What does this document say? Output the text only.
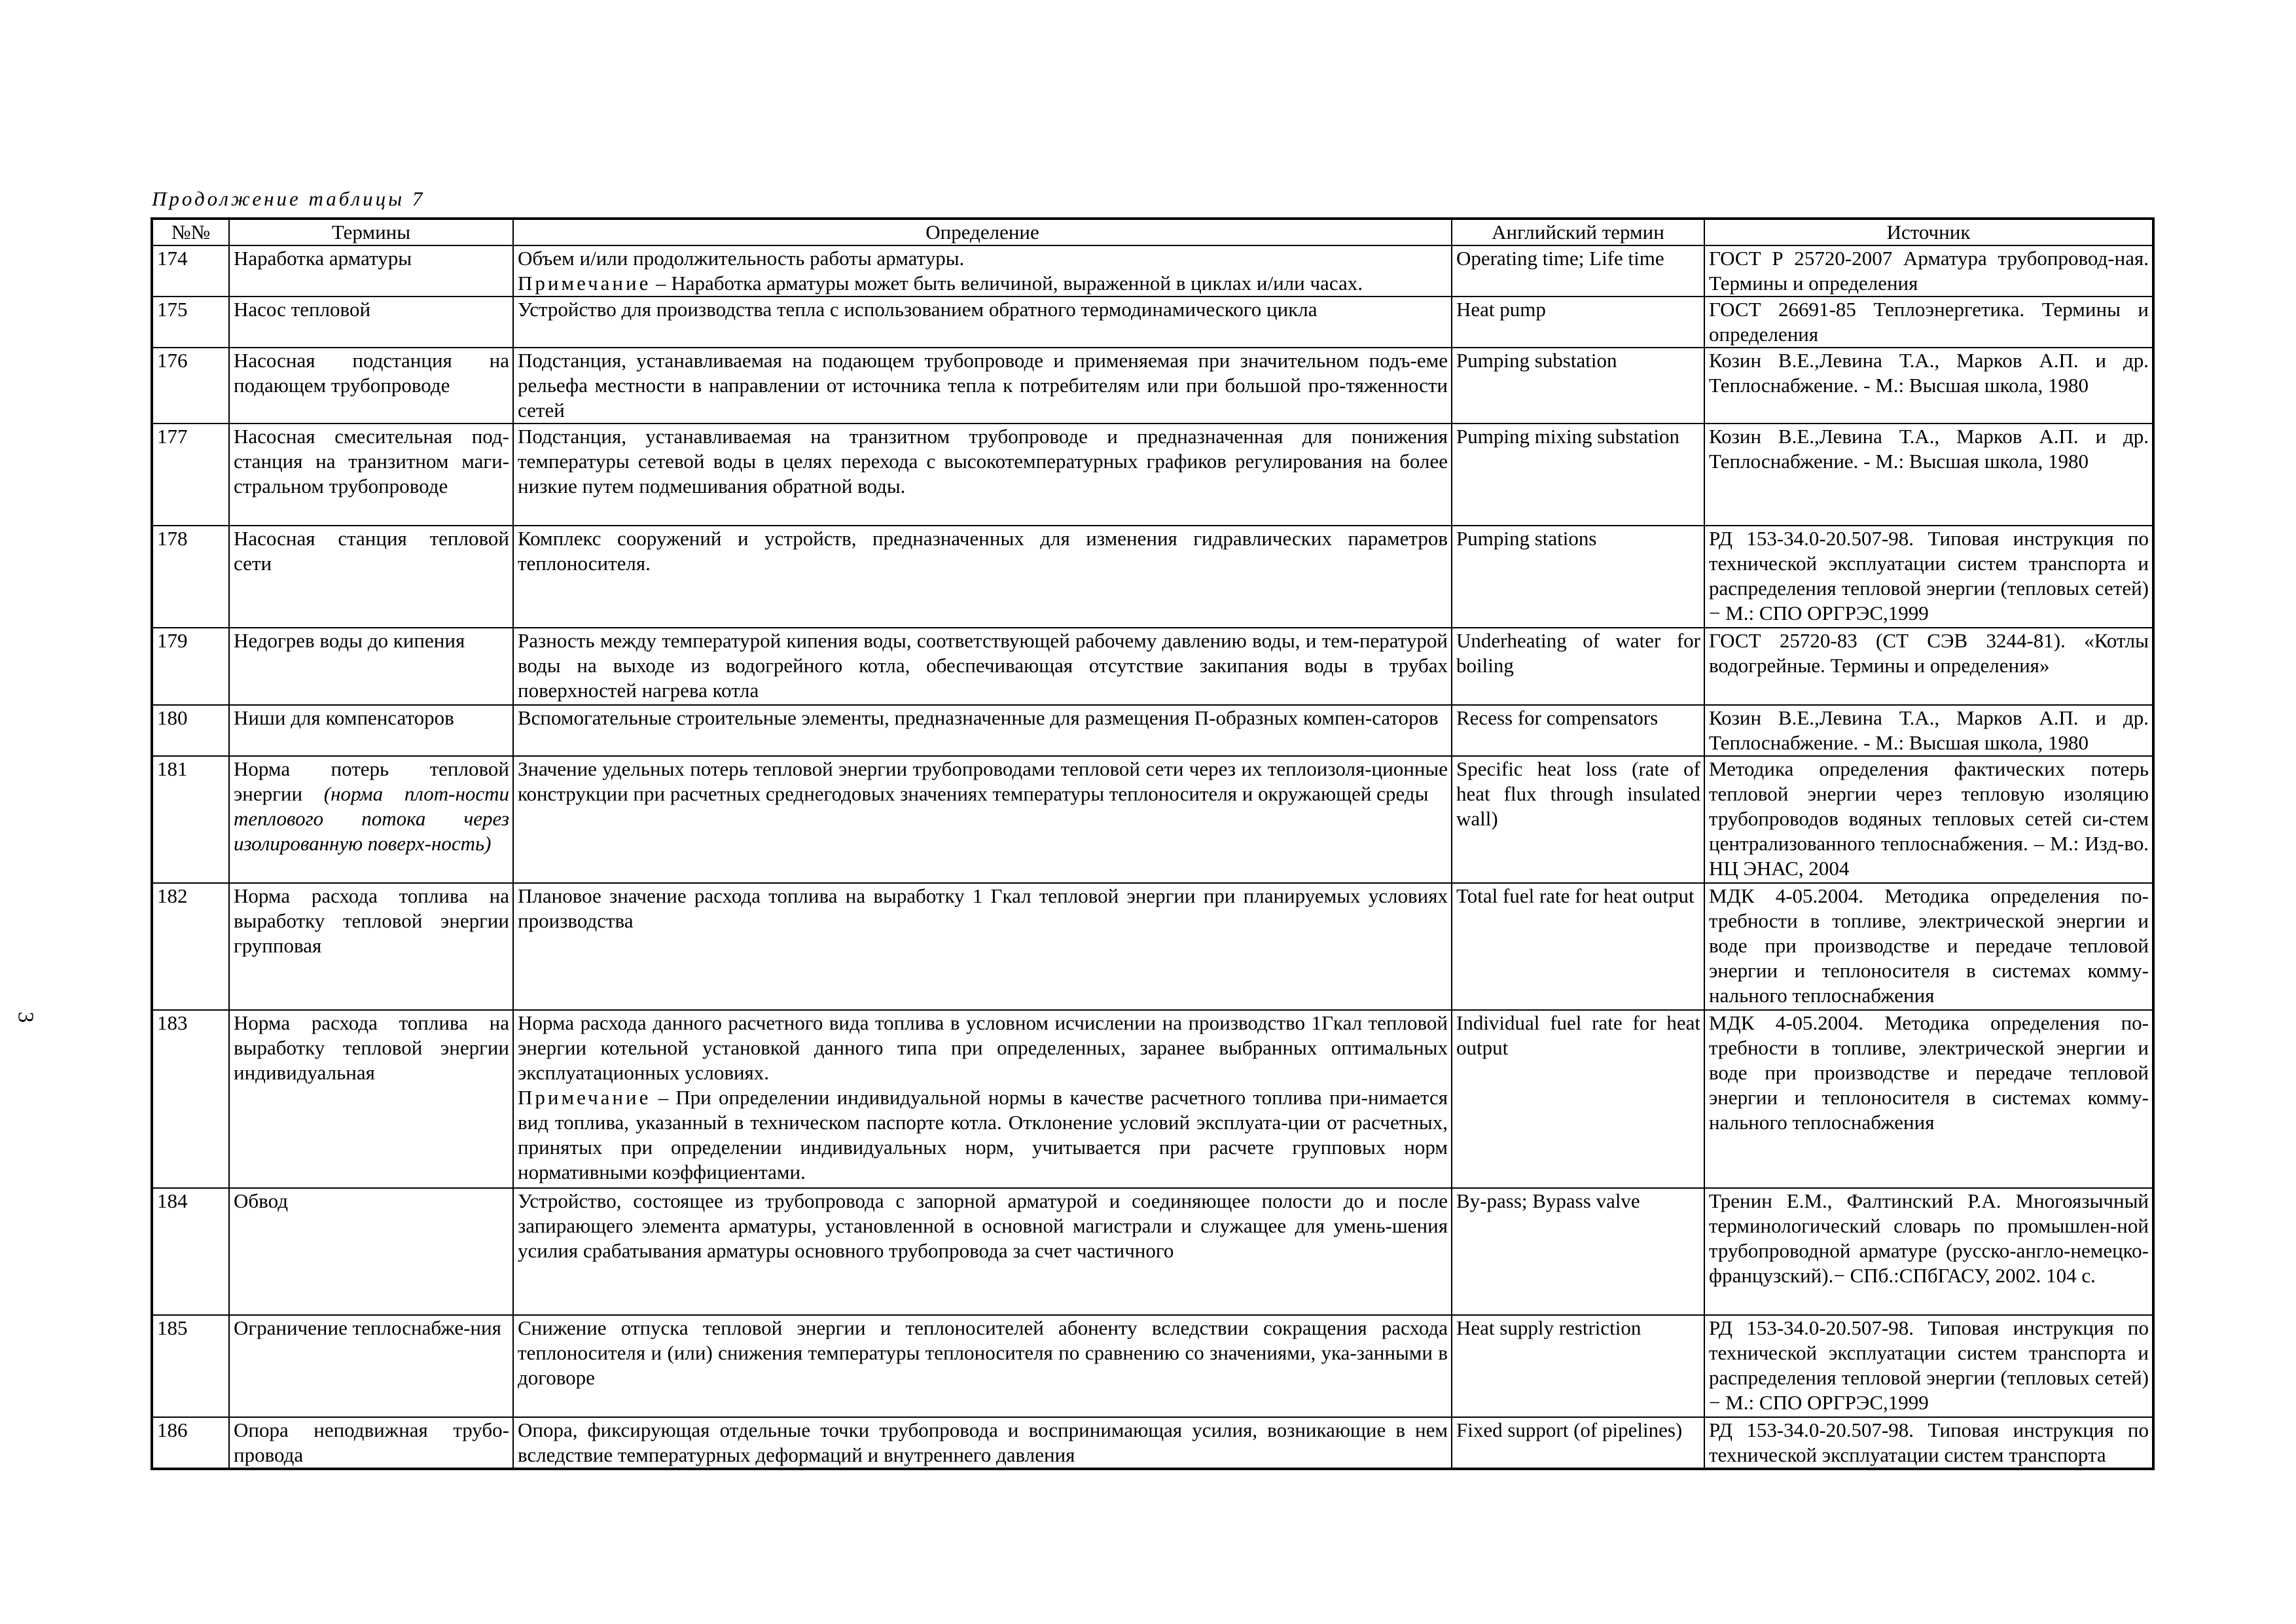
Продолжение таблицы 7
3
№№	Термины	Определение	Английский термин	Источник
174	Наработка арматуры	Объем и/или продолжительность работы арматуры.

Примечание – Наработка арматуры может быть величиной, выраженной в циклах и/или часах.	Operating time; Life time	ГОСТ Р 25720-2007 Арматура трубопровод-ная. Термины и определения
175	Насос тепловой	Устройство для производства тепла с использованием обратного термодинамического цикла	Heat pump	ГОСТ 26691-85 Теплоэнергетика. Термины и определения
176	Насосная подстанция на подающем трубопроводе	Подстанция, устанавливаемая на подающем трубопроводе и применяемая при значительном подъ-еме рельефа местности в направлении от источника тепла к потребителям или при большой про-тяженности сетей	Pumping substation	Козин В.Е.,Левина Т.А., Марков А.П. и др. Теплоснабжение. - М.: Высшая школа, 1980
177	Насосная смесительная под-станция на транзитном маги-стральном трубопроводе	Подстанция, устанавливаемая на транзитном трубопроводе и предназначенная для понижения температуры сетевой воды в целях перехода с высокотемпературных графиков регулирования на более низкие путем подмешивания обратной воды.	Pumping mixing substation	Козин В.Е.,Левина Т.А., Марков А.П. и др. Теплоснабжение. - М.: Высшая школа, 1980
178	Насосная станция тепловой сети	Комплекс сооружений и устройств, предназначенных для изменения гидравлических параметров теплоносителя.	Pumping stations	РД 153-34.0-20.507-98. Типовая инструкция по технической эксплуатации систем транспорта и распределения тепловой энергии (тепловых сетей) − М.: СПО ОРГРЭС,1999
179	Недогрев воды до кипения	Разность между температурой кипения воды, соответствующей рабочему давлению воды, и тем-пературой воды на выходе из водогрейного котла, обеспечивающая отсутствие закипания воды в трубах поверхностей нагрева котла	Underheating of water for boiling	ГОСТ 25720-83 (СТ СЭВ 3244-81). «Котлы водогрейные. Термины и определения»
180	Ниши для компенсаторов	Вспомогательные строительные элементы, предназначенные для размещения П-образных компен-саторов	Recess for compensators	Козин В.Е.,Левина Т.А., Марков А.П. и др. Теплоснабжение. - М.: Высшая школа, 1980
181	Норма потерь тепловой энергии (норма плот-ности теплового потока через изолированную поверх-ность)	Значение удельных потерь тепловой энергии трубопроводами тепловой сети через их теплоизоля-ционные конструкции при расчетных среднегодовых значениях температуры теплоносителя и окружающей среды	Specific heat loss (rate of heat flux through insulated wall)	Методика определения фактических потерь тепловой энергии через тепловую изоляцию трубопроводов водяных тепловых сетей си-стем централизованного теплоснабжения. – М.: Изд-во. НЦ ЭНАС, 2004
182	Норма расхода топлива на выработку тепловой энергии групповая	Плановое значение расхода топлива на выработку 1 Гкал тепловой энергии при планируемых условиях производства	Total fuel rate for heat output	МДК 4-05.2004. Методика определения по-требности в топливе, электрической энергии и воде при производстве и передаче тепловой энергии и теплоносителя в системах комму-нального теплоснабжения
183	Норма расхода топлива на выработку тепловой энергии индивидуальная	Норма расхода данного расчетного вида топлива в условном исчислении на производство 1Гкал тепловой энергии котельной установкой данного типа при определенных, заранее выбранных оптимальных эксплуатационных условиях.

Примечание – При определении индивидуальной нормы в качестве расчетного топлива при-нимается вид топлива, указанный в техническом паспорте котла. Отклонение условий эксплуата-ции от расчетных, принятых при определении индивидуальных норм, учитывается при расчете групповых норм нормативными коэффициентами.	Individual fuel rate for heat output	МДК 4-05.2004. Методика определения по-требности в топливе, электрической энергии и воде при производстве и передаче тепловой энергии и теплоносителя в системах комму-нального теплоснабжения
184	Обвод	Устройство, состоящее из трубопровода с запорной арматурой и соединяющее полости до и после запирающего элемента арматуры, установленной в основной магистрали и служащее для умень-шения усилия срабатывания арматуры основного трубопровода за счет частичного	By-pass; Bypass valve	Тренин Е.М., Фалтинский Р.А. Многоязычный терминологический словарь по промышлен-ной трубопроводной арматуре (русско-англо-немецко-французский).− СПб.:СПбГАСУ, 2002. 104 с.
185	Ограничение теплоснабже-ния	Снижение отпуска тепловой энергии и теплоносителей абоненту вследствии сокращения расхода теплоносителя и (или) снижения температуры теплоносителя по сравнению со значениями, ука-занными в договоре	Heat supply restriction	РД 153-34.0-20.507-98. Типовая инструкция по технической эксплуатации систем транспорта и распределения тепловой энергии (тепловых сетей) − М.: СПО ОРГРЭС,1999
186	Опора неподвижная трубо-провода	Опора, фиксирующая отдельные точки трубопровода и воспринимающая усилия, возникающие в нем вследствие температурных деформаций и внутреннего давления	Fixed support (of pipelines)	РД 153-34.0-20.507-98. Типовая инструкция по технической эксплуатации систем транспорта
